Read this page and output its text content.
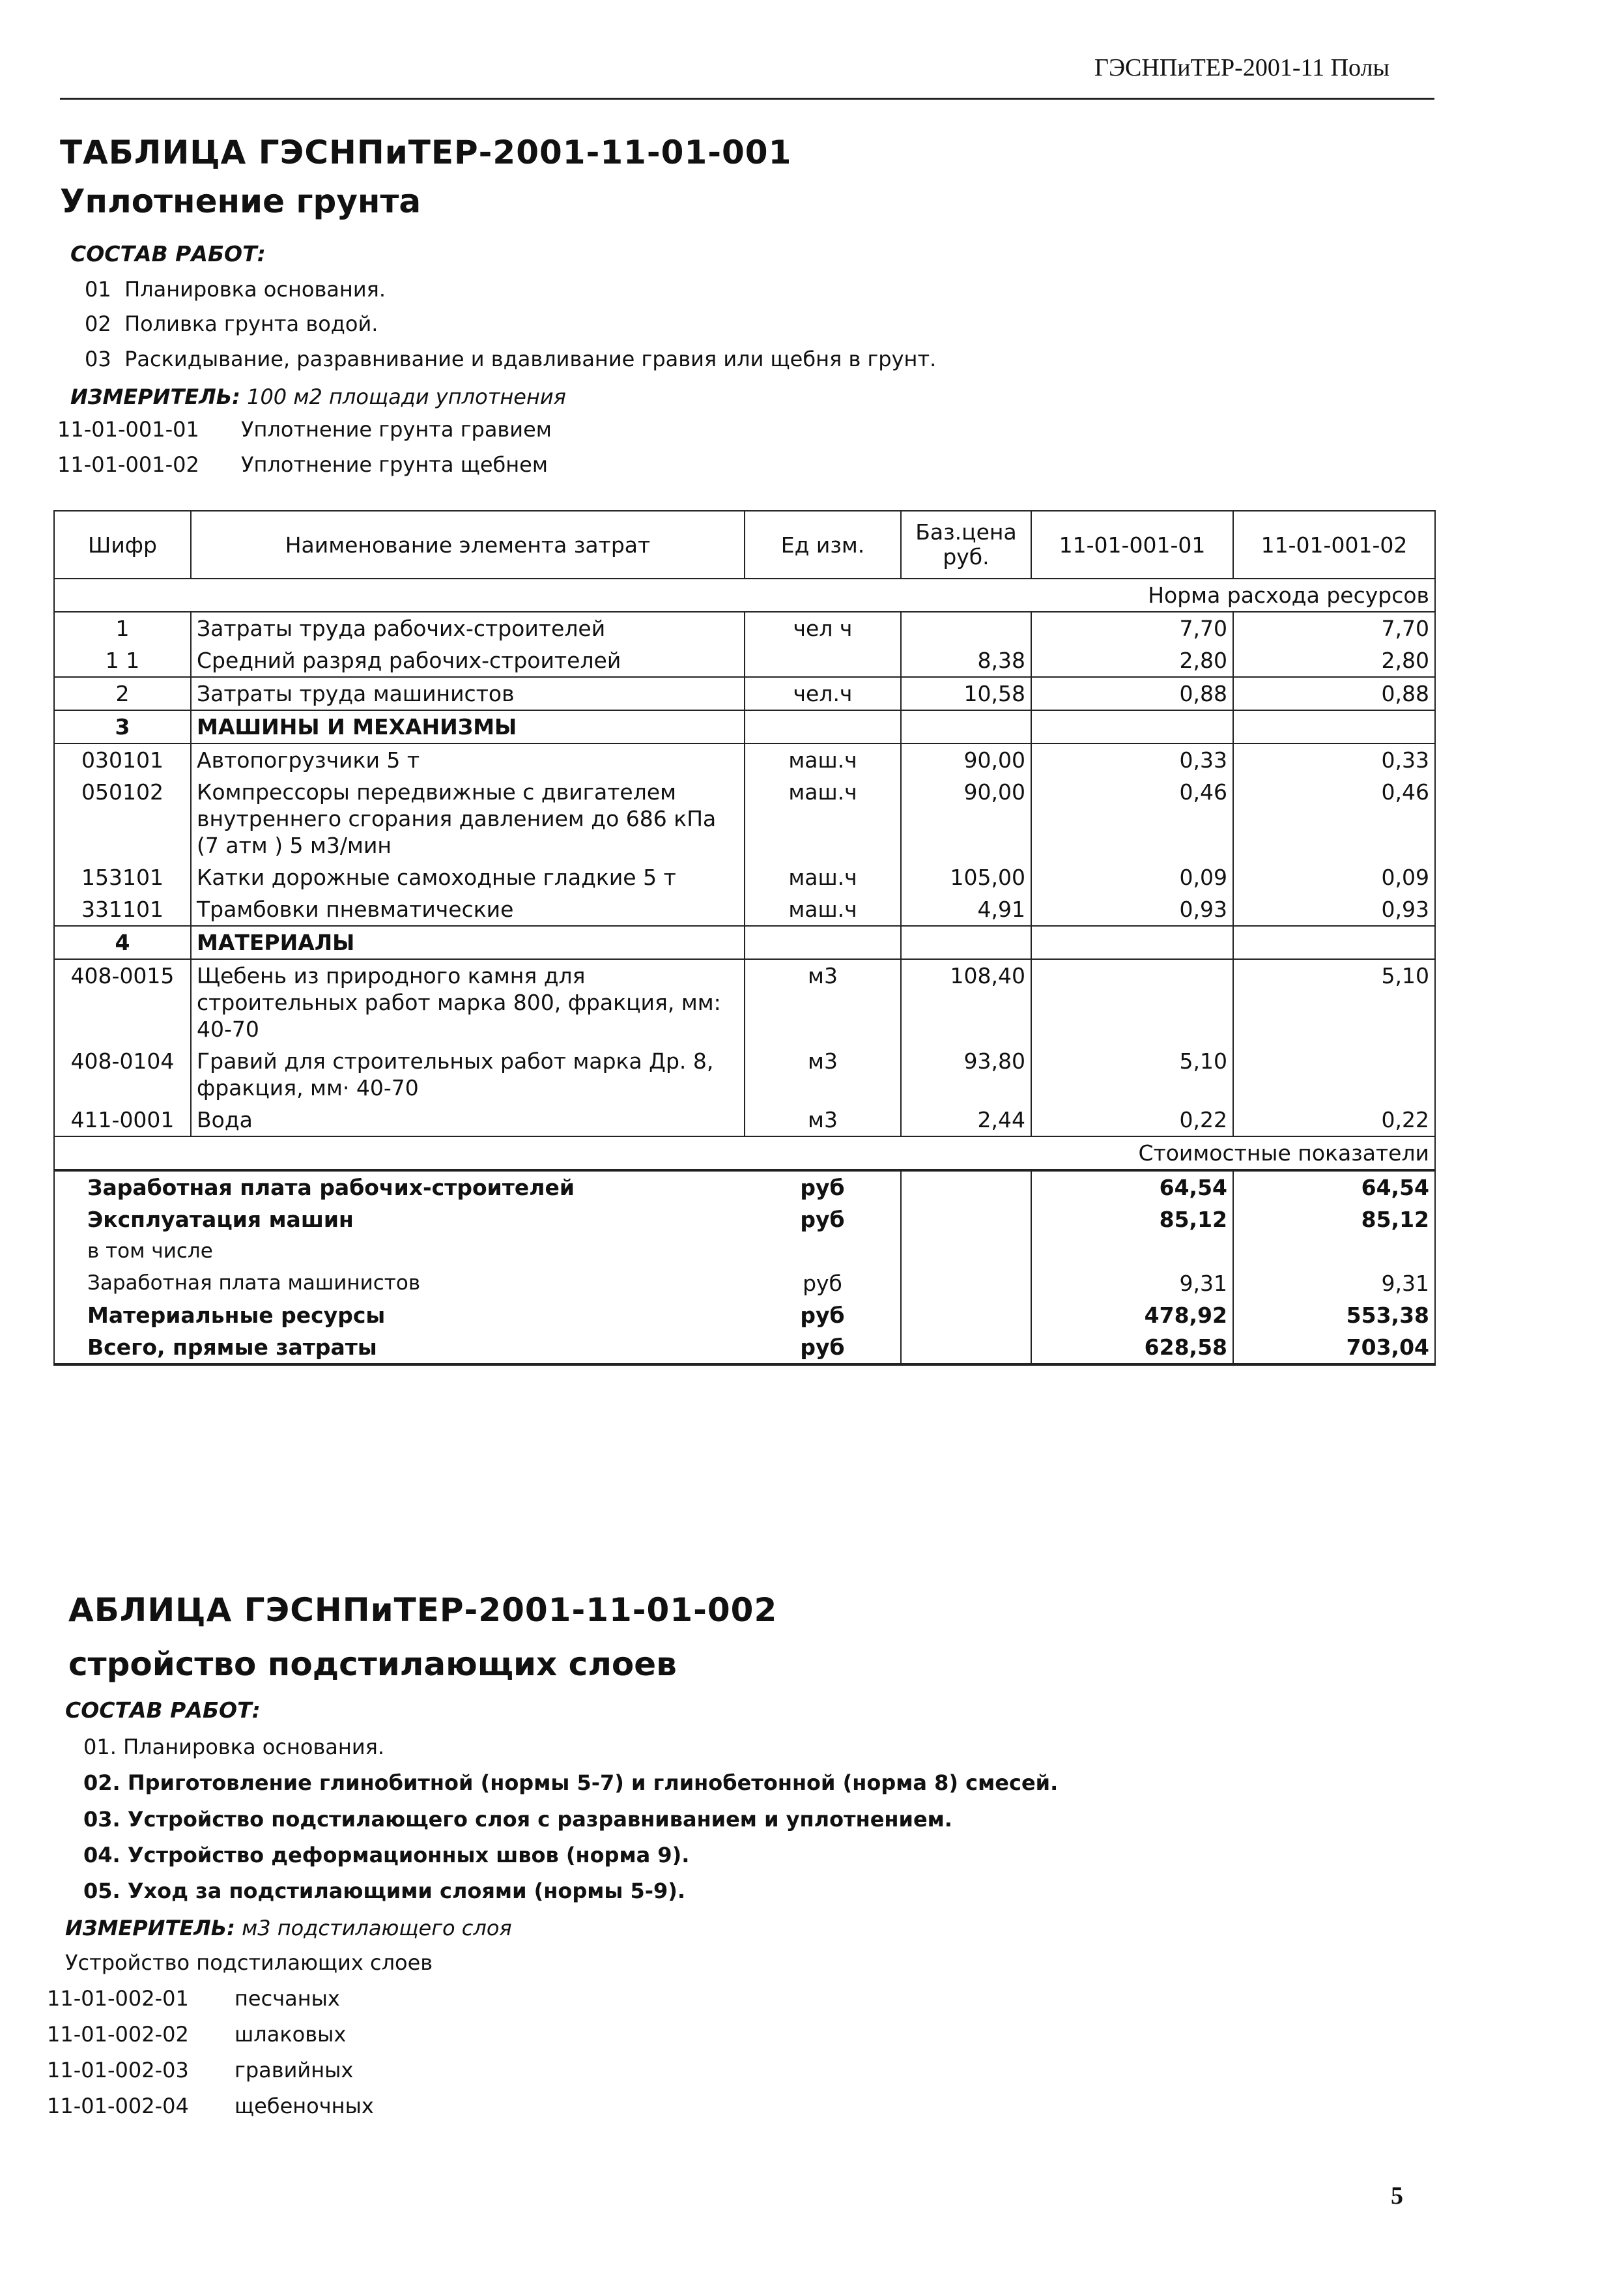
ГЭСНПиТЕР-2001-11 Полы
ТАБЛИЦА ГЭСНПиТЕР-2001-11-01-001
Уплотнение грунта
СОСТАВ РАБОТ:
01 Планировка основания.
02 Поливка грунта водой.
03 Раскидывание, разравнивание и вдавливание гравия или щебня в грунт.
ИЗМЕРИТЕЛЬ: 100 м2 площади уплотнения
11-01-001-01 Уплотнение грунта гравием
11-01-001-02 Уплотнение грунта щебнем
Шифр	Наименование элемента затрат	Ед изм.	Баз.цена руб.	11-01-001-01	11-01-001-02
Норма расхода ресурсов					
1	Затраты труда рабочих-строителей	чел ч		7,70	7,70
1 1	Средний разряд рабочих-строителей		8,38	2,80	2,80
2	Затраты труда машинистов	чел.ч	10,58	0,88	0,88
3	МАШИНЫ И МЕХАНИЗМЫ				
030101	Автопогрузчики 5 т	маш.ч	90,00	0,33	0,33
050102	Компрессоры передвижные с двигателем внутреннего сгорания давлением до 686 кПа (7 атм ) 5 м3/мин	маш.ч	90,00	0,46	0,46
153101	Катки дорожные самоходные гладкие 5 т	маш.ч	105,00	0,09	0,09
331101	Трамбовки пневматические	маш.ч	4,91	0,93	0,93
4	МАТЕРИАЛЫ				
408-0015	Щебень из природного камня для строительных работ марка 800, фракция, мм: 40-70	м3	108,40		5,10
408-0104	Гравий для строительных работ марка Др. 8, фракция, мм· 40-70	м3	93,80	5,10	
411-0001	Вода	м3	2,44	0,22	0,22
Стоимостные показатели					
Заработная плата рабочих-строителей		руб		64,54	64,54
Эксплуатация машин		руб		85,12	85,12
в том числе					
Заработная плата машинистов		руб		9,31	9,31
Материальные ресурсы		руб		478,92	553,38
Всего, прямые затраты		руб		628,58	703,04
АБЛИЦА ГЭСНПиТЕР-2001-11-01-002
стройство подстилающих слоев
СОСТАВ РАБОТ:
01. Планировка основания.
02. Приготовление глинобитной (нормы 5-7) и глинобетонной (норма 8) смесей.
03. Устройство подстилающего слоя с разравниванием и уплотнением.
04. Устройство деформационных швов (норма 9).
05. Уход за подстилающими слоями (нормы 5-9).
ИЗМЕРИТЕЛЬ: м3 подстилающего слоя
Устройство подстилающих слоев
11-01-002-01 песчаных
11-01-002-02 шлаковых
11-01-002-03 гравийных
11-01-002-04 щебеночных
5
